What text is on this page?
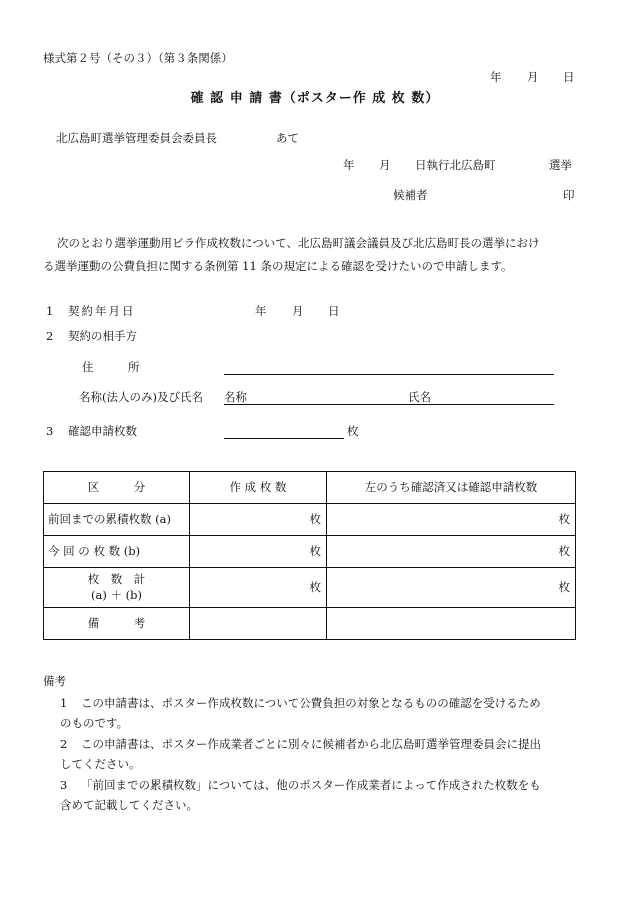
様式第２号（その３）（第３条関係）
年 月 日
確 認 申 請 書（ポスター作 成 枚 数）
北広島町選挙管理委員会委員長	あて
年 月 日執行北広島町	選挙
候補者	印
次のとおり選挙運動用ビラ作成枚数について、北広島町議会議員及び北広島町長の選挙におけ
る選挙運動の公費負担に関する条例第 11 条の規定による確認を受けたいので申請します。
1 契約年月日	年 月 日
2 契約の相手方
住　　　所
名称(法人のみ)及び氏名 名称	氏名
3 確認申請枚数	枚
区　　　分	作 成 枚 数	左のうち確認済又は確認申請枚数
前回までの累積枚数 (a)	枚	枚
今 回 の 枚 数 (b)	枚	枚

枚　数　計
(a) ＋ (b)	枚	枚
備　　　考		
備考
1 この申請書は、ポスター作成枚数について公費負担の対象となるものの確認を受けるため
のものです。
2 この申請書は、ポスター作成業者ごとに別々に候補者から北広島町選挙管理委員会に提出
してください。
3 「前回までの累積枚数」については、他のポスター作成業者によって作成された枚数をも
含めて記載してください。
